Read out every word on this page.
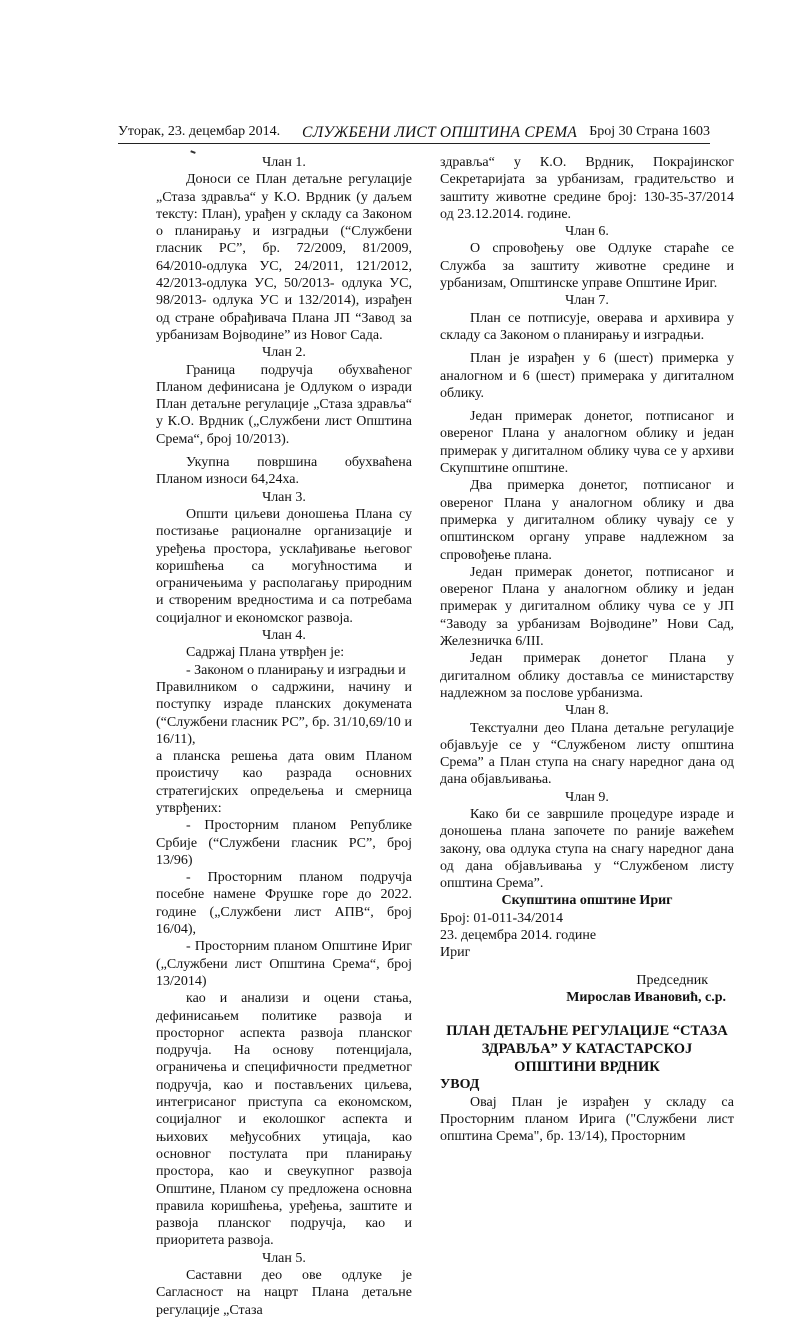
Уторак, 23. децембар 2014. СЛУЖБЕНИ ЛИСТ ОПШТИНА СРЕМА Број 30 Страна 1603

Члан 1.

Доноси се План детаљне регулације „Стаза здравља“ у К.О. Врдник (у даљем тексту: План), урађен у складу са Законом о планирању и изградњи (“Службени гласник РС”, бр. 72/2009, 81/2009, 64/2010-одлука УС, 24/2011, 121/2012, 42/2013-одлука УС, 50/2013- одлука УС, 98/2013- одлука УС и 132/2014), израђен од стране обрађивача Плана ЈП “Завод за урбанизам Војводине” из Новог Сада.

Члан 2.

Граница подручја обухваћеног Планом дефинисана је Одлуком о изради План детаљне регулације „Стаза здравља“ у К.О. Врдник („Службени лист Општина Срема“, број 10/2013).

Укупна површина обухваћена Планом износи 64,24ха.

Члан 3.

Општи циљеви доношења Плана су постизање рационалне организације и уређења простора, усклађивање његовог коришћења са могућностима и ограничењима у располагању природним и створеним вредностима и са потребама социјалног и економског развоја.

Члан 4.

Садржај Плана утврђен је:

- Законом о планирању и изградњи и

Правилником о садржини, начину и поступку израде планских докумената (“Службени гласник РС”, бр. 31/10,69/10 и 16/11),

а планска решења дата овим Планом проистичу као разрада основних стратегијских опредељења и смерница утврђених:

- Просторним планом Републике Србије (“Службени гласник РС”, број 13/96)

- Просторним планом подручја посебне намене Фрушке горе до 2022. године („Службени лист АПВ“, број 16/04),

- Просторним планом Општине Ириг („Службени лист Општина Срема“, број 13/2014)

као и анализи и оцени стања, дефинисањем политике развоја и просторног аспекта развоја планског подручја. На основу потенцијала, ограничења и специфичности предметног подручја, као и постављених циљева, интегрисаног приступа са економском, социјалног и еколошког аспекта и њихових међусобних утицаја, као основног постулата при планирању простора, као и свеукупног развоја Општине, Планом су предложена основна правила коришћења, уређења, заштите и развоја планског подручја, као и приоритета развоја.

Члан 5.

Саставни део ове одлуке је Сагласност на нацрт Плана детаљне регулације „Стаза

здравља“ у К.О. Врдник, Покрајинског Секретаријата за урбанизам, градитељство и заштиту животне средине број: 130-35-37/2014 од 23.12.2014. године.

Члан 6.

О спровођењу ове Одлуке стараће се Служба за заштиту животне средине и урбанизам, Општинске управе Општине Ириг.

Члан 7.

План се потписује, оверава и архивира у складу са Законом о планирању и изградњи.

План је израђен у 6 (шест) примерка у аналогном и 6 (шест) примерака у дигиталном облику.

Један примерак донетог, потписаног и овереног Плана у аналогном облику и један примерак у дигиталном облику чува се у архиви Скупштине општине.

Два примерка донетог, потписаног и овереног Плана у аналогном облику и два примерка у дигиталном облику чувају се у општинском органу управе надлежном за спровођење плана.

Један примерак донетог, потписаног и овереног Плана у аналогном облику и један примерак у дигиталном облику чува се у ЈП “Заводу за урбанизам Војводине” Нови Сад, Железничка 6/III.

Један примерак донетог Плана у дигиталном облику доставља се министарству надлежном за послове урбанизма.

Члан 8.

Текстуални део Плана детаљне регулације објављује се у “Службеном листу општина Срема” а План ступа на снагу наредног дана од дана објављивања.

Члан 9.

Како би се завршиле процедуре израде и доношења плана започете по раније важећем закону, ова одлука ступа на снагу наредног дана од дана објављивања у “Службеном листу општина Срема”.

Скупштина општине Ириг

Број: 01-011-34/2014

23. децембра 2014. године

Ириг

Председник

Мирослав Ивановић, с.р.

ПЛАН ДЕТАЉНЕ РЕГУЛАЦИЈЕ “СТАЗА ЗДРАВЉА” У КАТАСТАРСКОЈ ОПШТИНИ ВРДНИК

УВОД

Овај План је израђен у складу са Просторним планом Ирига ("Службени лист општина Срема", бр. 13/14), Просторним
